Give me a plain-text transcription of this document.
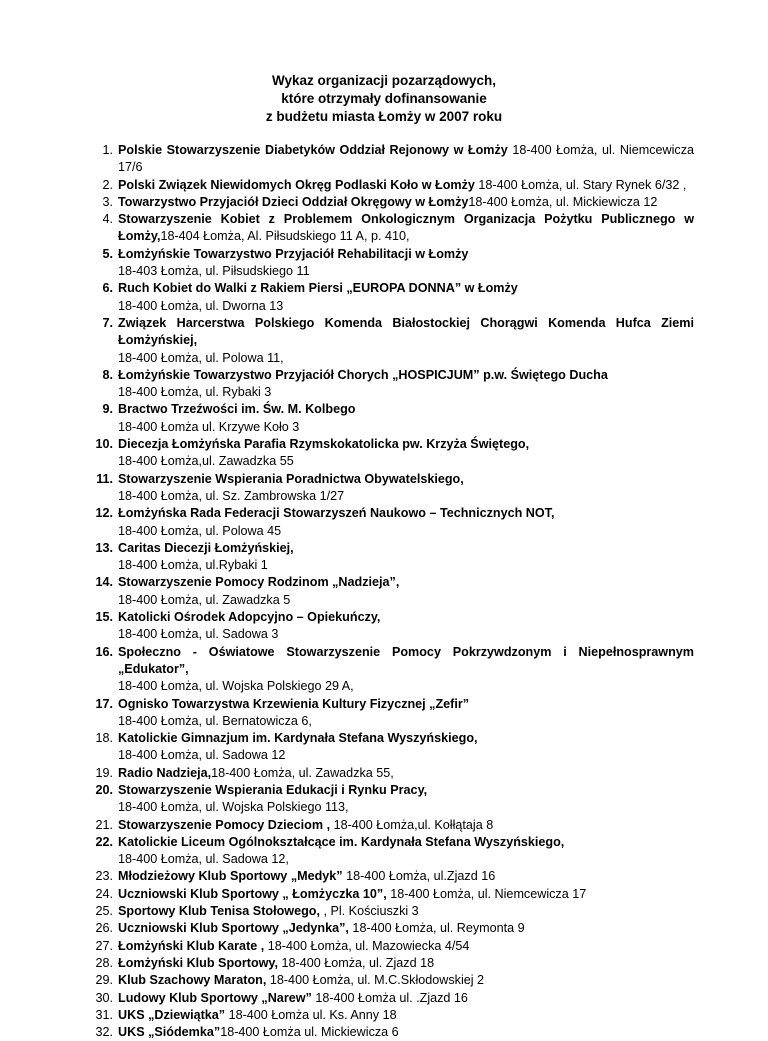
Wykaz organizacji pozarządowych,
które otrzymały dofinansowanie
z budżetu miasta Łomży w 2007 roku
1. Polskie Stowarzyszenie Diabetyków Oddział Rejonowy w Łomży 18-400 Łomża, ul. Niemcewicza 17/6
2. Polski Związek Niewidomych Okręg Podlaski Koło w Łomży 18-400 Łomża, ul. Stary Rynek 6/32 ,
3. Towarzystwo Przyjaciół Dzieci Oddział Okręgowy w Łomży18-400 Łomża, ul. Mickiewicza 12
4. Stowarzyszenie Kobiet z Problemem Onkologicznym Organizacja Pożytku Publicznego w Łomży,18-404 Łomża, Al. Piłsudskiego 11 A, p. 410,
5. Łomżyńskie Towarzystwo Przyjaciół Rehabilitacji w Łomży
18-403 Łomża, ul. Piłsudskiego 11
6. Ruch Kobiet do Walki z Rakiem Piersi „EUROPA DONNA” w Łomży
18-400 Łomża, ul. Dworna 13
7. Związek Harcerstwa Polskiego Komenda Białostockiej Chorągwi Komenda Hufca Ziemi Łomżyńskiej,
18-400 Łomża, ul. Polowa 11,
8. Łomżyńskie Towarzystwo Przyjaciół Chorych „HOSPICJUM” p.w. Świętego Ducha
18-400 Łomża, ul. Rybaki 3
9. Bractwo Trzeźwości im. Św. M. Kolbego
18-400 Łomża ul. Krzywe Koło 3
10. Diecezja Łomżyńska Parafia Rzymskokatolicka pw. Krzyża Świętego,
18-400 Łomża,ul. Zawadzka 55
11. Stowarzyszenie Wspierania Poradnictwa Obywatelskiego,
18-400 Łomża, ul. Sz. Zambrowska 1/27
12. Łomżyńska Rada Federacji Stowarzyszeń Naukowo – Technicznych NOT,
18-400 Łomża, ul. Polowa 45
13. Caritas Diecezji Łomżyńskiej,
18-400 Łomża, ul.Rybaki 1
14. Stowarzyszenie Pomocy Rodzinom „Nadzieja”,
18-400 Łomża, ul. Zawadzka 5
15. Katolicki Ośrodek Adopcyjno – Opiekuńczy,
18-400 Łomża, ul. Sadowa 3
16. Społeczno - Oświatowe Stowarzyszenie Pomocy Pokrzywdzonym i Niepełnosprawnym „Edukator”,
18-400 Łomża, ul. Wojska Polskiego 29 A,
17. Ognisko Towarzystwa Krzewienia Kultury Fizycznej „Zefir”
18-400 Łomża, ul. Bernatowicza 6,
18. Katolickie Gimnazjum im. Kardynała Stefana Wyszyńskiego,
18-400 Łomża, ul. Sadowa 12
19. Radio Nadzieja,18-400 Łomża, ul. Zawadzka 55,
20. Stowarzyszenie Wspierania Edukacji i Rynku Pracy,
18-400 Łomża, ul. Wojska Polskiego 113,
21. Stowarzyszenie Pomocy Dzieciom , 18-400 Łomża,ul. Kołłątaja 8
22. Katolickie Liceum Ogólnokształcące im. Kardynała Stefana Wyszyńskiego,
18-400 Łomża, ul. Sadowa 12,
23. Młodzieżowy Klub Sportowy „Medyk” 18-400 Łomża, ul.Zjazd 16
24. Uczniowski Klub Sportowy „ Łomżyczka 10”, 18-400 Łomża, ul. Niemcewicza 17
25. Sportowy Klub Tenisa Stołowego, , Pl. Kościuszki 3
26. Uczniowski Klub Sportowy „Jedynka”, 18-400 Łomża, ul. Reymonta 9
27. Łomżyński Klub Karate , 18-400 Łomża, ul. Mazowiecka 4/54
28. Łomżyński Klub Sportowy, 18-400 Łomża, ul. Zjazd 18
29. Klub Szachowy Maraton, 18-400 Łomża, ul. M.C.Skłodowskiej 2
30. Ludowy Klub Sportowy „Narew” 18-400 Łomża ul. .Zjazd 16
31. UKS „Dziewiątka” 18-400 Łomża ul. Ks. Anny 18
32. UKS „Siódemka”18-400 Łomża ul. Mickiewicza 6
